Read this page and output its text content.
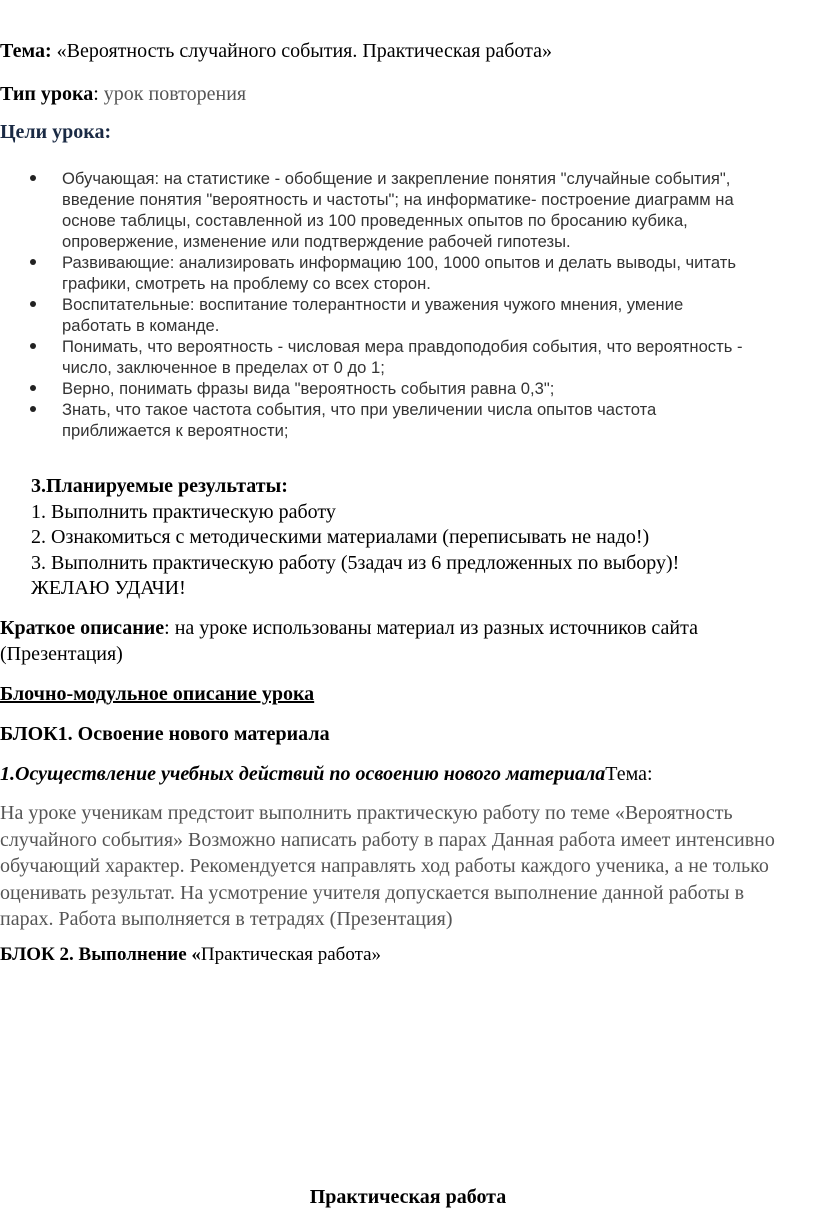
Тема: «Вероятность случайного события. Практическая работа»
Тип урока: урок повторения
Цели урока:
Обучающая: на статистике - обобщение и закрепление понятия "случайные события",
введение понятия "вероятность и частоты"; на информатике- построение диаграмм на
основе таблицы, составленной из 100 проведенных опытов по бросанию кубика,
опровержение, изменение или подтверждение рабочей гипотезы.
Развивающие: анализировать информацию 100, 1000 опытов и делать выводы, читать
графики, смотреть на проблему со всех сторон.
Воспитательные: воспитание толерантности и уважения чужого мнения, умение
работать в команде.
Понимать, что вероятность - числовая мера правдоподобия события, что вероятность -
число, заключенное в пределах от 0 до 1;
Верно, понимать фразы вида "вероятность события равна 0,3";
Знать, что такое частота события, что при увеличении числа опытов частота
приближается к вероятности;
3.Планируемые результаты:
1. Выполнить практическую работу
2. Ознакомиться с методическими материалами (переписывать не надо!)
3. Выполнить практическую работу (5задач из 6 предложенных по выбору)!
ЖЕЛАЮ УДАЧИ!
Краткое описание: на уроке использованы материал из разных источников сайта
(Презентация)
Блочно-модульное описание урока
БЛОК1. Освоение нового материала
1.Осуществление учебных действий по освоению нового материалаТема:
На уроке ученикам предстоит выполнить практическую работу по теме «Вероятность
случайного события» Возможно написать работу в парах Данная работа имеет интенсивно
обучающий характер. Рекомендуется направлять ход работы каждого ученика, а не только
оценивать результат. На усмотрение учителя допускается выполнение данной работы в
парах. Работа выполняется в тетрадях (Презентация)
БЛОК 2. Выполнение «Практическая работа»
Практическая работа
